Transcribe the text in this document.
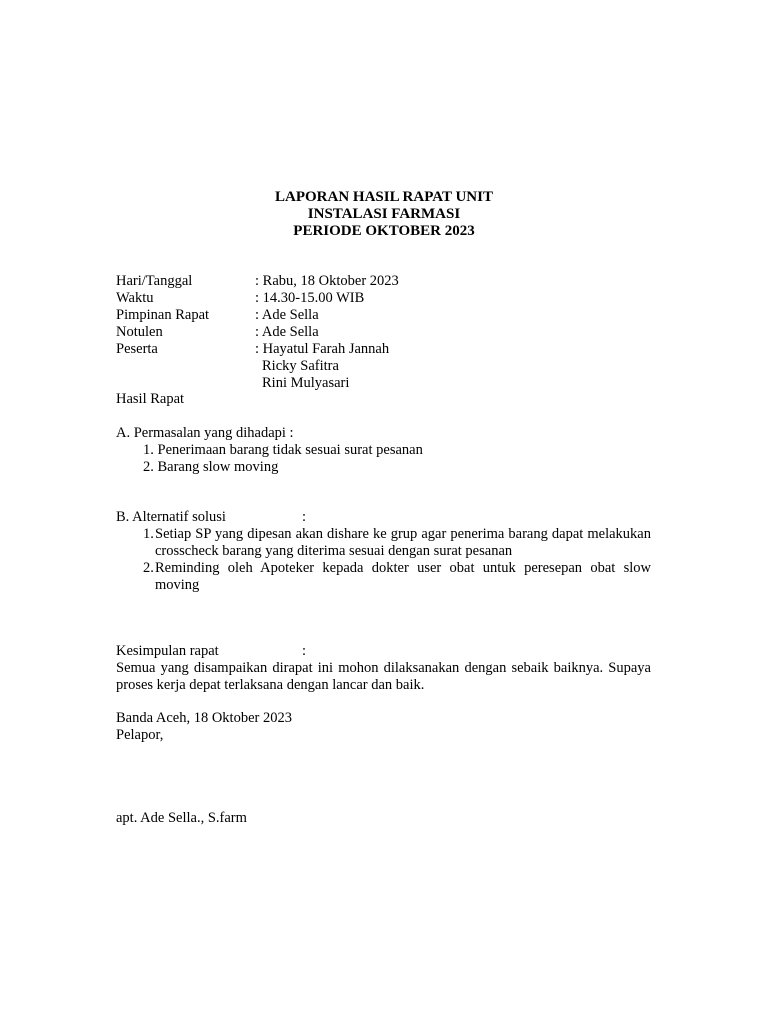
LAPORAN HASIL RAPAT UNIT
INSTALASI FARMASI
PERIODE OKTOBER 2023
Hari/Tanggal	: Rabu, 18 Oktober 2023
Waktu	: 14.30-15.00 WIB
Pimpinan Rapat	: Ade Sella
Notulen	: Ade Sella
Peserta	: Hayatul Farah Jannah
Ricky Safitra
Rini Mulyasari
Hasil Rapat
A. Permasalan yang dihadapi :
1. Penerimaan barang tidak sesuai surat pesanan
2. Barang slow moving
B. Alternatif solusi	:
1. Setiap SP yang dipesan akan dishare ke grup agar penerima barang dapat melakukan crosscheck barang yang diterima sesuai dengan surat pesanan
2. Reminding oleh Apoteker kepada dokter user obat untuk peresepan obat slow moving
Kesimpulan rapat	:
Semua yang disampaikan dirapat ini mohon dilaksanakan dengan sebaik baiknya. Supaya proses kerja depat terlaksana dengan lancar dan baik.
Banda Aceh, 18 Oktober 2023
Pelapor,
apt. Ade Sella., S.farm
